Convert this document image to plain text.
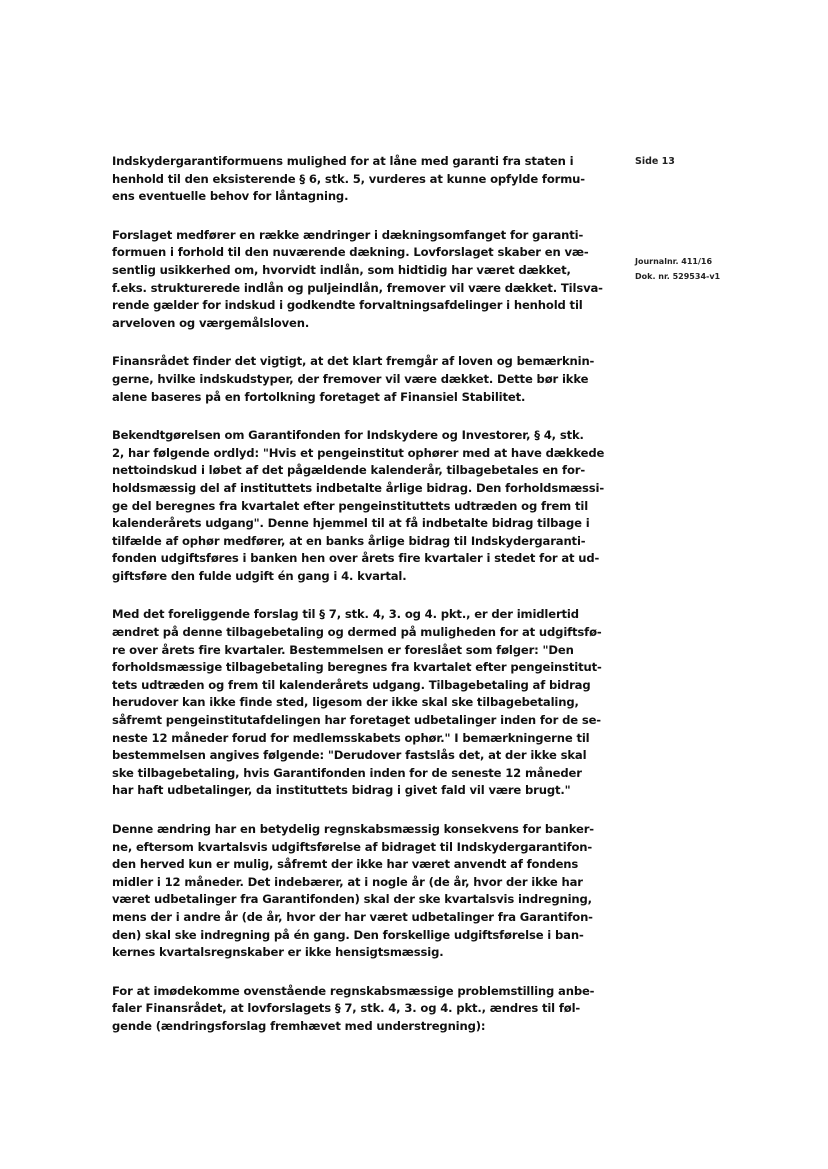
Side 13
Journalnr. 411/16
Dok. nr. 529534-v1

Indskydergarantiformuens mulighed for at låne med garanti fra staten i
henhold til den eksisterende § 6, stk. 5, vurderes at kunne opfylde formu-
ens eventuelle behov for låntagning.

Forslaget medfører en række ændringer i dækningsomfanget for garanti-
formuen i forhold til den nuværende dækning. Lovforslaget skaber en væ-
sentlig usikkerhed om, hvorvidt indlån, som hidtidig har været dækket,
f.eks. strukturerede indlån og puljeindlån, fremover vil være dækket. Tilsva-
rende gælder for indskud i godkendte forvaltningsafdelinger i henhold til
arveloven og værgemålsloven.

Finansrådet finder det vigtigt, at det klart fremgår af loven og bemærknin-
gerne, hvilke indskudstyper, der fremover vil være dækket. Dette bør ikke
alene baseres på en fortolkning foretaget af Finansiel Stabilitet.

Bekendtgørelsen om Garantifonden for Indskydere og Investorer, § 4, stk.
2, har følgende ordlyd: "Hvis et pengeinstitut ophører med at have dækkede
nettoindskud i løbet af det pågældende kalenderår, tilbagebetales en for-
holdsmæssig del af instituttets indbetalte årlige bidrag. Den forholdsmæssi-
ge del beregnes fra kvartalet efter pengeinstituttets udtræden og frem til
kalenderårets udgang". Denne hjemmel til at få indbetalte bidrag tilbage i
tilfælde af ophør medfører, at en banks årlige bidrag til Indskydergaranti-
fonden udgiftsføres i banken hen over årets fire kvartaler i stedet for at ud-
giftsføre den fulde udgift én gang i 4. kvartal.

Med det foreliggende forslag til § 7, stk. 4, 3. og 4. pkt., er der imidlertid
ændret på denne tilbagebetaling og dermed på muligheden for at udgiftsfø-
re over årets fire kvartaler. Bestemmelsen er foreslået som følger: "Den
forholdsmæssige tilbagebetaling beregnes fra kvartalet efter pengeinstitut-
tets udtræden og frem til kalenderårets udgang. Tilbagebetaling af bidrag
herudover kan ikke finde sted, ligesom der ikke skal ske tilbagebetaling,
såfremt pengeinstitutafdelingen har foretaget udbetalinger inden for de se-
neste 12 måneder forud for medlemsskabets ophør." I bemærkningerne til
bestemmelsen angives følgende: "Derudover fastslås det, at der ikke skal
ske tilbagebetaling, hvis Garantifonden inden for de seneste 12 måneder
har haft udbetalinger, da instituttets bidrag i givet fald vil være brugt."

Denne ændring har en betydelig regnskabsmæssig konsekvens for banker-
ne, eftersom kvartalsvis udgiftsførelse af bidraget til Indskydergarantifon-
den herved kun er mulig, såfremt der ikke har været anvendt af fondens
midler i 12 måneder. Det indebærer, at i nogle år (de år, hvor der ikke har
været udbetalinger fra Garantifonden) skal der ske kvartalsvis indregning,
mens der i andre år (de år, hvor der har været udbetalinger fra Garantifon-
den) skal ske indregning på én gang. Den forskellige udgiftsførelse i ban-
kernes kvartalsregnskaber er ikke hensigtsmæssig.

For at imødekomme ovenstående regnskabsmæssige problemstilling anbe-
faler Finansrådet, at lovforslagets § 7, stk. 4, 3. og 4. pkt., ændres til føl-
gende (ændringsforslag fremhævet med understregning):
